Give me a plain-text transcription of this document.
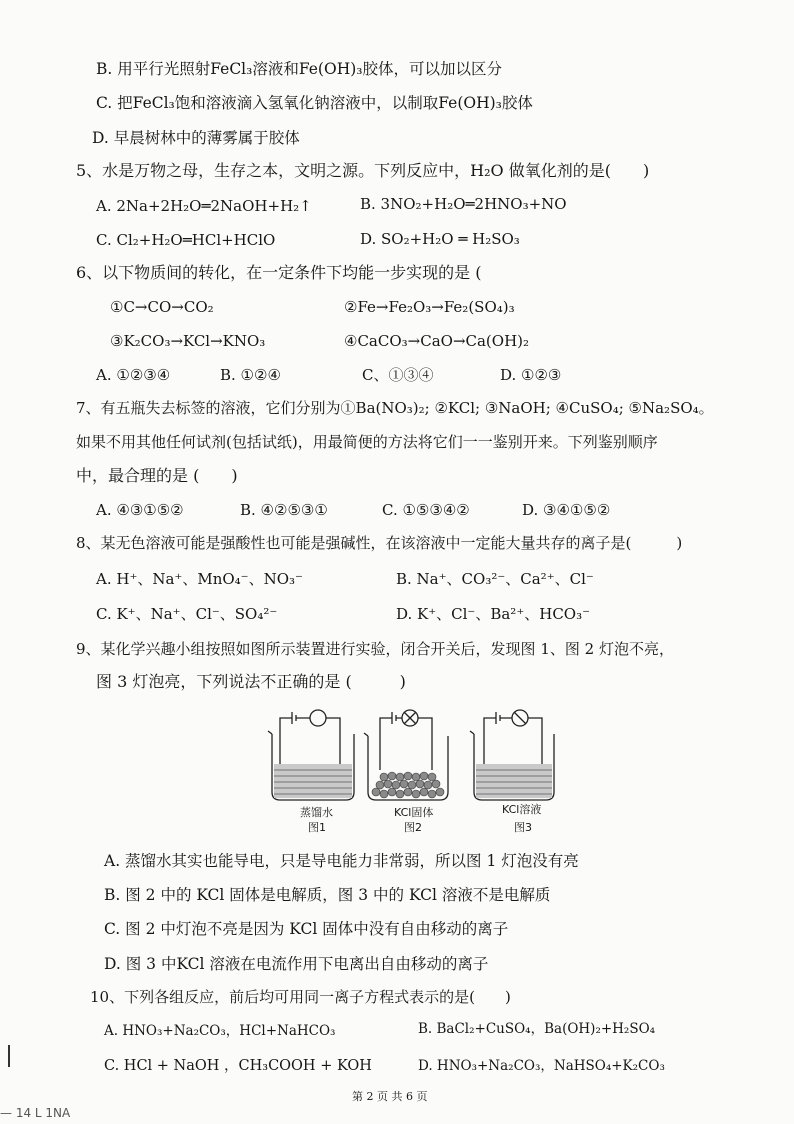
B. 用平行光照射FeCl₃溶液和Fe(OH)₃胶体，可以加以区分
C. 把FeCl₃饱和溶液滴入氢氧化钠溶液中，以制取Fe(OH)₃胶体
D. 早晨树林中的薄雾属于胶体
5、水是万物之母，生存之本，文明之源。下列反应中，H₂O 做氧化剂的是(　　)
A. 2Na+2H₂O═2NaOH+H₂↑	B. 3NO₂+H₂O═2HNO₃+NO
C. Cl₂+H₂O═HCl+HClO	D. SO₂+H₂O ═ H₂SO₃
6、以下物质间的转化，在一定条件下均能一步实现的是 (
①C→CO→CO₂	②Fe→Fe₂O₃→Fe₂(SO₄)₃
③K₂CO₃→KCl→KNO₃	④CaCO₃→CaO→Ca(OH)₂
A. ①②③④	B. ①②④	C、①③④	D. ①②③
7、有五瓶失去标签的溶液，它们分别为①Ba(NO₃)₂; ②KCl; ③NaOH; ④CuSO₄; ⑤Na₂SO₄。
如果不用其他任何试剂(包括试纸)，用最简便的方法将它们一一鉴别开来。下列鉴别顺序
中，最合理的是 (　　)
A. ④③①⑤②	B. ④②⑤③①	C. ①⑤③④②	D. ③④①⑤②
8、某无色溶液可能是强酸性也可能是强碱性，在该溶液中一定能大量共存的离子是(　　　)
A. H⁺、Na⁺、MnO₄⁻、NO₃⁻	B. Na⁺、CO₃²⁻、Ca²⁺、Cl⁻
C. K⁺、Na⁺、Cl⁻、SO₄²⁻	D. K⁺、Cl⁻、Ba²⁺、HCO₃⁻
9、某化学兴趣小组按照如图所示装置进行实验，闭合开关后，发现图 1、图 2 灯泡不亮，
图 3 灯泡亮，下列说法不正确的是 (　　　)
蒸馏水
图1
KCl固体
图2
KCl溶液
图3
A. 蒸馏水其实也能导电，只是导电能力非常弱，所以图 1 灯泡没有亮
B. 图 2 中的 KCl 固体是电解质，图 3 中的 KCl 溶液不是电解质
C. 图 2 中灯泡不亮是因为 KCl 固体中没有自由移动的离子
D. 图 3 中KCl 溶液在电流作用下电离出自由移动的离子
10、下列各组反应，前后均可用同一离子方程式表示的是(　　)
A. HNO₃+Na₂CO₃，HCl+NaHCO₃	B. BaCl₂+CuSO₄，Ba(OH)₂+H₂SO₄
C. HCl + NaOH ，CH₃COOH + KOH	D. HNO₃+Na₂CO₃，NaHSO₄+K₂CO₃
第 2 页 共 6 页
— 14 L 1NA
